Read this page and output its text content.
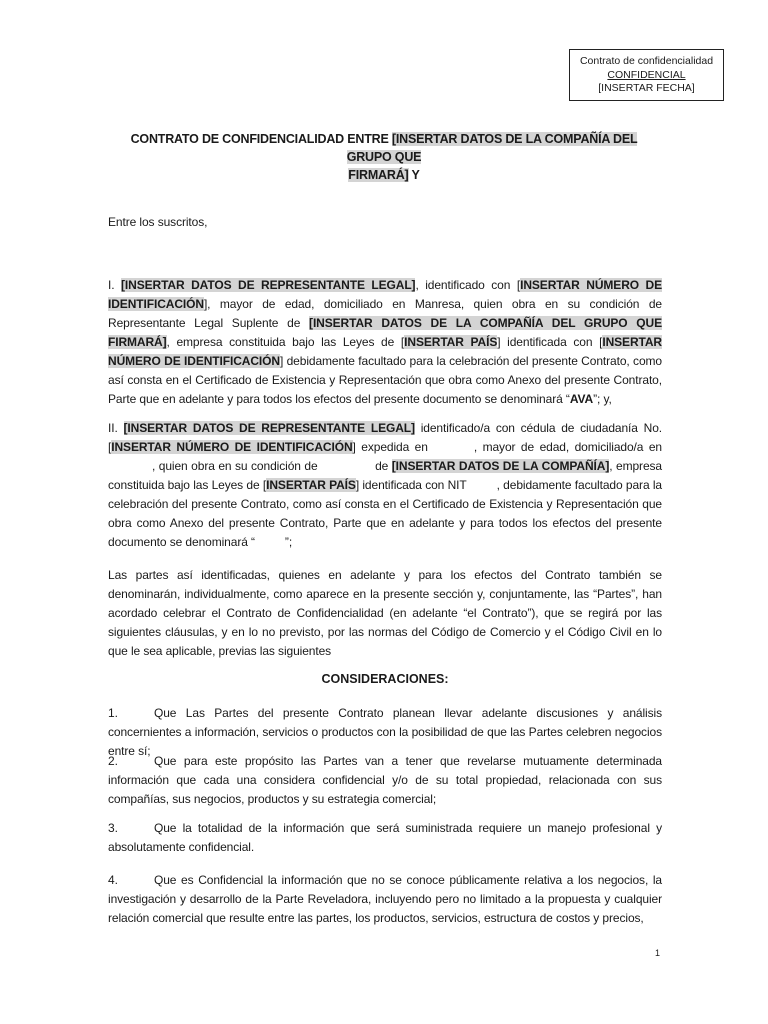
Contrato de confidencialidad
CONFIDENCIAL
[INSERTAR FECHA]
CONTRATO DE CONFIDENCIALIDAD ENTRE [INSERTAR DATOS DE LA COMPAÑÍA DEL GRUPO QUE
FIRMARÁ] Y
Entre los suscritos,
I. [INSERTAR DATOS DE REPRESENTANTE LEGAL], identificado con [INSERTAR NÚMERO DE IDENTIFICACIÓN], mayor de edad, domiciliado en Manresa, quien obra en su condición de Representante Legal Suplente de [INSERTAR DATOS DE LA COMPAÑÍA DEL GRUPO QUE FIRMARÁ], empresa constituida bajo las Leyes de [INSERTAR PAÍS] identificada con [INSERTAR NÚMERO DE IDENTIFICACIÓN] debidamente facultado para la celebración del presente Contrato, como así consta en el Certificado de Existencia y Representación que obra como Anexo del presente Contrato, Parte que en adelante y para todos los efectos del presente documento se denominará “AVA”; y,
II. [INSERTAR DATOS DE REPRESENTANTE LEGAL] identificado/a con cédula de ciudadanía No. [INSERTAR NÚMERO DE IDENTIFICACIÓN] expedida en	, mayor de edad, domiciliado/a en, quien obra en su condición de	de [INSERTAR DATOS DE LA COMPAÑÍA], empresa constituida bajo las Leyes de [INSERTAR PAÍS] identificada con NIT	, debidamente facultado para la celebración del presente Contrato, como así consta en el Certificado de Existencia y Representación que obra como Anexo del presente Contrato, Parte que en adelante y para todos los efectos del presente documento se denominará “	”;
Las partes así identificadas, quienes en adelante y para los efectos del Contrato también se denominarán, individualmente, como aparece en la presente sección y, conjuntamente, las “Partes”, han acordado celebrar el Contrato de Confidencialidad (en adelante “el Contrato”), que se regirá por las siguientes cláusulas, y en lo no previsto, por las normas del Código de Comercio y el Código Civil en lo que le sea aplicable, previas las siguientes
CONSIDERACIONES:
1.	Que Las Partes del presente Contrato planean llevar adelante discusiones y análisis concernientes a información, servicios o productos con la posibilidad de que las Partes celebren negocios entre sí;
2.	Que para este propósito las Partes van a tener que revelarse mutuamente determinada información que cada una considera confidencial y/o de su total propiedad, relacionada con sus compañías, sus negocios, productos y su estrategia comercial;
3.	Que la totalidad de la información que será suministrada requiere un manejo profesional y absolutamente confidencial.
4.	Que es Confidencial la información que no se conoce públicamente relativa a los negocios, la investigación y desarrollo de la Parte Reveladora, incluyendo pero no limitado a la propuesta y cualquier relación comercial que resulte entre las partes, los productos, servicios, estructura de costos y precios,
1
